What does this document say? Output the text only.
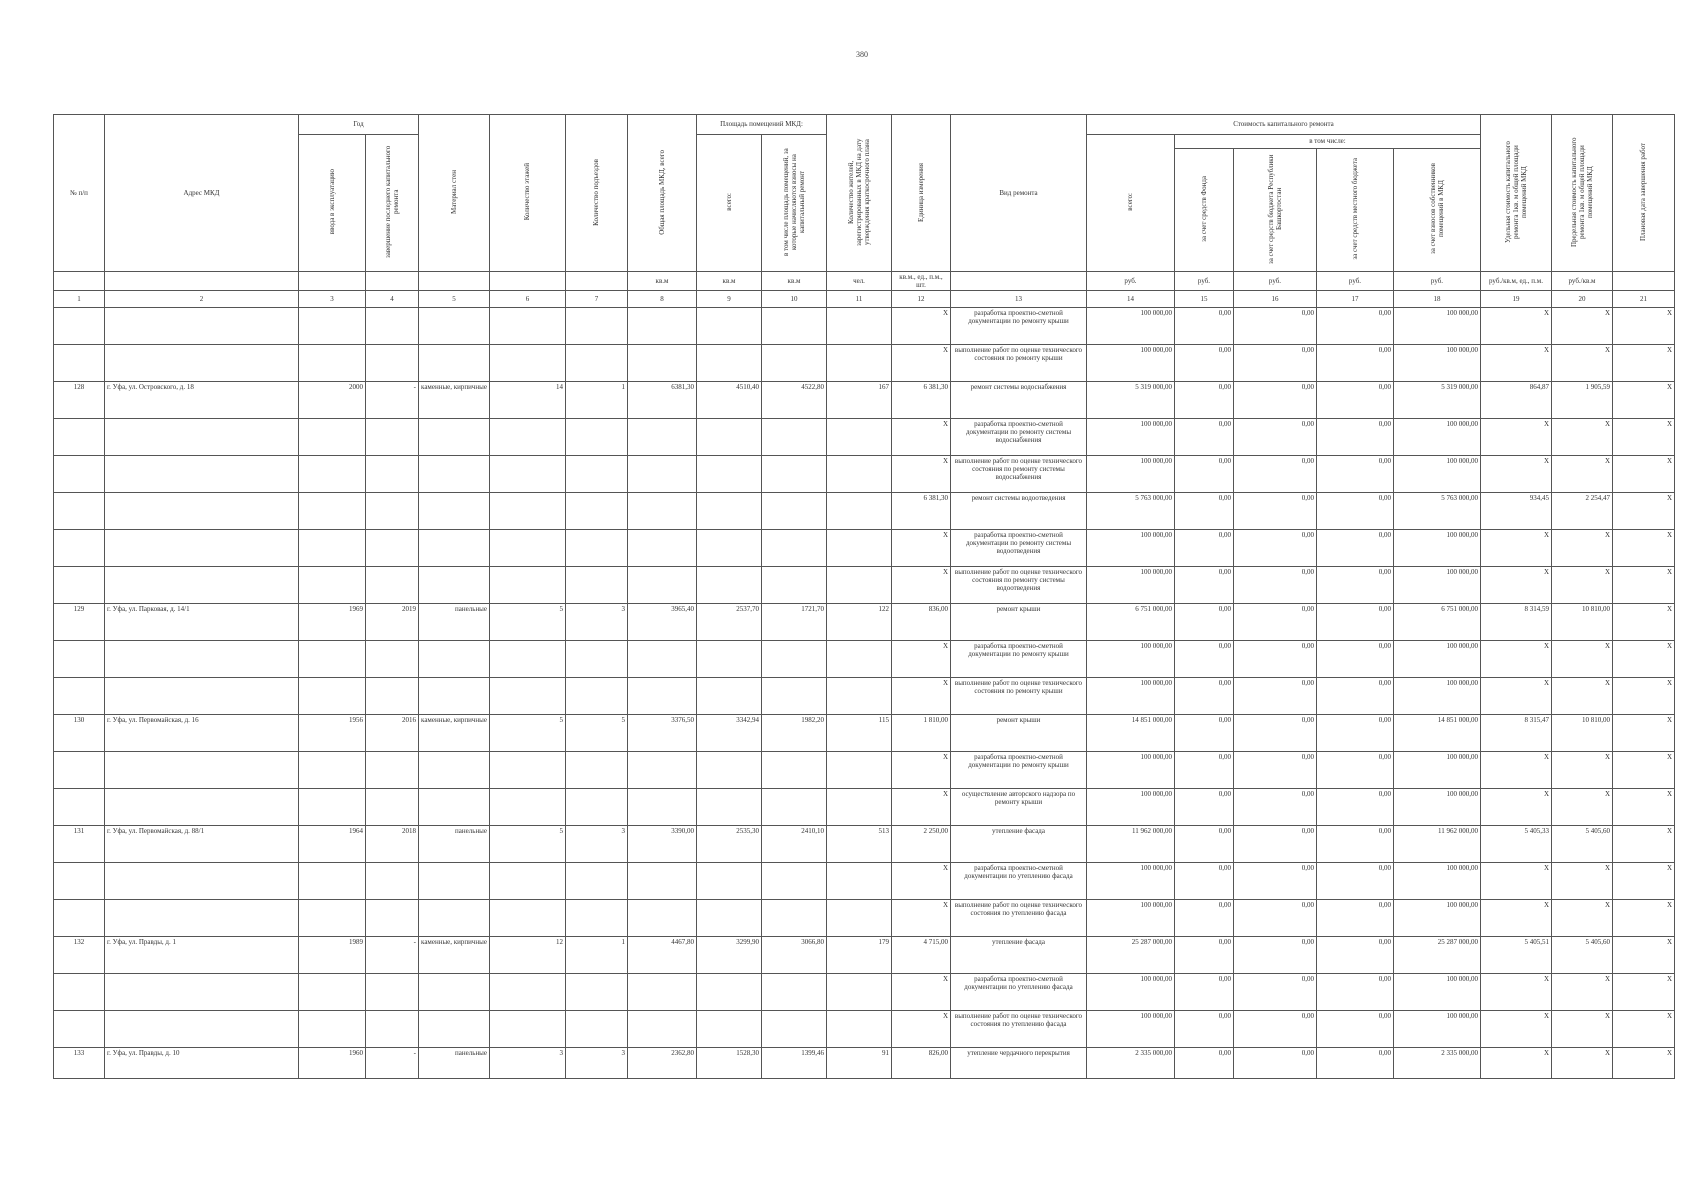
380
№ п/п	Адрес МКД	Год		Материал стен	Количество этажей	Количество подъездов	Общая площадь МКД, всего	Площадь помещений МКД:		Количество жителей, зарегистрированных в МКД на дату утверждения краткосрочного плана	Единица измерения	Вид ремонта	Стоимость капитального ремонта					Удельная стоимость капитального ремонта 1кв. м общей площади помещений МКД	Предельная стоимость капитального ремонта 1кв. м общей площади помещений МКД	Плановая дата завершения работ
		ввода в эксплуатацию	завершение последнего капитального ремонта					всего:	в том числе площадь помещений, за которые начисляются взносы на капитальный ремонт				всего:	в том числе:						
														за счет средств Фонда	за счет средств бюджета Республики Башкортостан	за счет средств местного бюджета	за счет взносов собственников помещений в МКД			
							кв.м	кв.м	кв.м	чел.	кв.м., ед., п.м., шт.		руб.	руб.	руб.	руб.	руб.	руб./кв.м, ед., п.м.	руб./кв.м	
1	2	3	4	5	6	7	8	9	10	11	12	13	14	15	16	17	18	19	20	21
											X	разработка проектно-сметной документации по ремонту крыши	100 000,00	0,00	0,00	0,00	100 000,00	X	X	X
											X	выполнение работ по оценке технического состояния по ремонту крыши	100 000,00	0,00	0,00	0,00	100 000,00	X	X	X
128	г. Уфа, ул. Островского, д. 18	2000	-	каменные, кирпичные	14	1	6381,30	4510,40	4522,80	167	6 381,30	ремонт системы водоснабжения	5 319 000,00	0,00	0,00	0,00	5 319 000,00	864,87	1 905,59	X
											X	разработка проектно-сметной документации по ремонту системы водоснабжения	100 000,00	0,00	0,00	0,00	100 000,00	X	X	X
											X	выполнение работ по оценке технического состояния по ремонту системы водоснабжения	100 000,00	0,00	0,00	0,00	100 000,00	X	X	X
											6 381,30	ремонт системы водоотведения	5 763 000,00	0,00	0,00	0,00	5 763 000,00	934,45	2 254,47	X
											X	разработка проектно-сметной документации по ремонту системы водоотведения	100 000,00	0,00	0,00	0,00	100 000,00	X	X	X
											X	выполнение работ по оценке технического состояния по ремонту системы водоотведения	100 000,00	0,00	0,00	0,00	100 000,00	X	X	X
129	г. Уфа, ул. Парковая, д. 14/1	1969	2019	панельные	5	3	3965,40	2537,70	1721,70	122	836,00	ремонт крыши	6 751 000,00	0,00	0,00	0,00	6 751 000,00	8 314,59	10 810,00	X
											X	разработка проектно-сметной документации по ремонту крыши	100 000,00	0,00	0,00	0,00	100 000,00	X	X	X
											X	выполнение работ по оценке технического состояния по ремонту крыши	100 000,00	0,00	0,00	0,00	100 000,00	X	X	X
130	г. Уфа, ул. Первомайская, д. 16	1956	2016	каменные, кирпичные	5	5	3376,50	3342,94	1982,20	115	1 810,00	ремонт крыши	14 851 000,00	0,00	0,00	0,00	14 851 000,00	8 315,47	10 810,00	X
											X	разработка проектно-сметной документации по ремонту крыши	100 000,00	0,00	0,00	0,00	100 000,00	X	X	X
											X	осуществление авторского надзора по ремонту крыши	100 000,00	0,00	0,00	0,00	100 000,00	X	X	X
131	г. Уфа, ул. Первомайская, д. 88/1	1964	2018	панельные	5	3	3390,00	2535,30	2410,10	513	2 250,00	утепление фасада	11 962 000,00	0,00	0,00	0,00	11 962 000,00	5 405,33	5 405,60	X
											X	разработка проектно-сметной документации по утеплению фасада	100 000,00	0,00	0,00	0,00	100 000,00	X	X	X
											X	выполнение работ по оценке технического состояния по утеплению фасада	100 000,00	0,00	0,00	0,00	100 000,00	X	X	X
132	г. Уфа, ул. Правды, д. 1	1989	-	каменные, кирпичные	12	1	4467,80	3299,90	3066,80	179	4 715,00	утепление фасада	25 287 000,00	0,00	0,00	0,00	25 287 000,00	5 405,51	5 405,60	X
											X	разработка проектно-сметной документации по утеплению фасада	100 000,00	0,00	0,00	0,00	100 000,00	X	X	X
											X	выполнение работ по оценке технического состояния по утеплению фасада	100 000,00	0,00	0,00	0,00	100 000,00	X	X	X
133	г. Уфа, ул. Правды, д. 10	1960	-	панельные	3	3	2362,80	1528,30	1399,46	91	826,00	утепление чердачного перекрытия	2 335 000,00	0,00	0,00	0,00	2 335 000,00	X	X	X
